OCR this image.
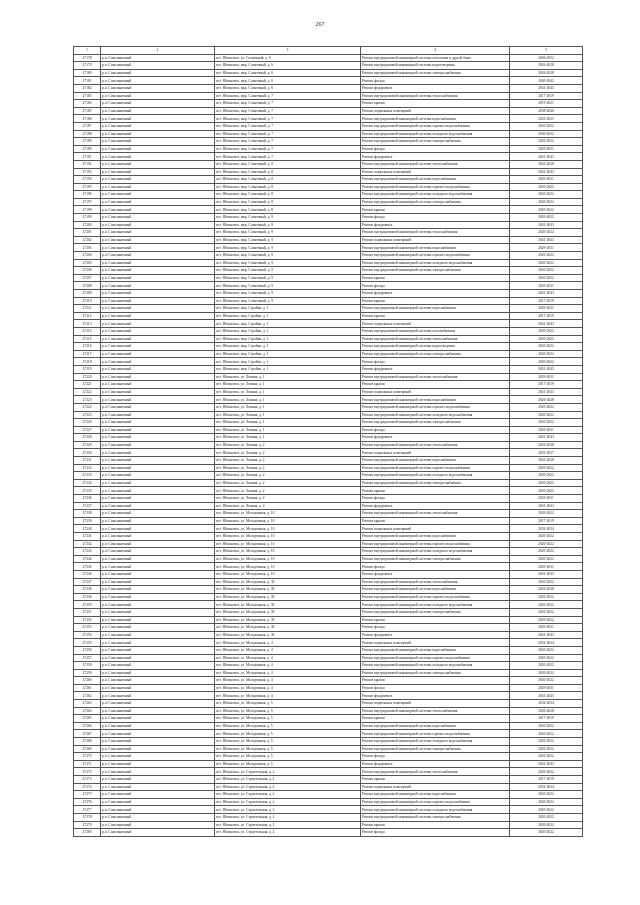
267
1	2	3	4	5
27178	р.п. Сокольничный	пгт. Яблоновск, ул. Солнечный, д. 6	Ремонт внутридомовой инженерной системы отопления и другой бани	2046-2052
27179	р.п. Сокольничный	пгт. Яблоновск, мкр. Солнечный, д. 6	Ремонт внутридомовой инженерной системы водоотведения	2026-2028
27180	р.п. Сокольничный	пгт. Яблоновск, мкр. Солнечный, д. 6	Ремонт внутридомовой инженерной системы электроснабжения	2026-2028
27181	р.п. Сокольничный	пгт. Яблоновск, мкр. Солнечный, д. 6	Ремонт фасада	2040-2042
27182	р.п. Сокольничный	пгт. Яблоновск, мкр. Солнечный, д. 6	Ремонт фундамента	2041-2043
27183	р.п. Сокольничный	пгт. Яблоновск, мкр. Солнечный, д. 7	Ремонт внутридомовой инженерной системы теплоснабжения	2017-2019
27184	р.п. Сокольничный	пгт. Яблоновск, мкр. Солнечный, д. 7	Ремонт крыши	2019-2021
27185	р.п. Сокольничный	пгт. Яблоновск, мкр. Солнечный, д. 7	Ремонт подвальных помещений	2038-2040
27186	р.п. Сокольничный	пгт. Яблоновск, мкр. Солнечный, д. 7	Ремонт внутридомовой инженерной системы водоснабжения	2023-2025
27187	р.п. Сокольничный	пгт. Яблоновск, мкр. Солнечный, д. 7	Ремонт внутридомовой инженерной системы горячего водоснабжения	2020-2022
27188	р.п. Сокольничный	пгт. Яблоновск, мкр. Солнечный, д. 7	Ремонт внутридомовой инженерной системы холодного водоснабжения	2030-2032
27189	р.п. Сокольничный	пгт. Яблоновск, мкр. Солнечный, д. 7	Ремонт внутридомовой инженерной системы электроснабжения	2020-2022
27190	р.п. Сокольничный	пгт. Яблоновск, мкр. Солнечный, д. 7	Ремонт фасада	2029-2031
27191	р.п. Сокольничный	пгт. Яблоновск, мкр. Солнечный, д. 7	Ремонт фундамента	2041-2043
27192	р.п. Сокольничный	пгт. Яблоновск, мкр. Солнечный, д. 8	Ремонт внутридомовой инженерной системы теплоснабжения	2026-2028
27193	р.п. Сокольничный	пгт. Яблоновск, мкр. Солнечный, д. 8	Ремонт подвальных помещений	2041-2043
27194	р.п. Сокольничный	пгт. Яблоновск, мкр. Солнечный, д. 8	Ремонт внутридомовой инженерной системы водоснабжения	2029-2031
27195	р.п. Сокольничный	пгт. Яблоновск, мкр. Солнечный, д. 8	Ремонт внутридомовой инженерной системы горячего водоснабжения	2020-2022
27196	р.п. Сокольничный	пгт. Яблоновск, мкр. Солнечный, д. 8	Ремонт внутридомовой инженерной системы холодного водоснабжения	2020-2022
27197	р.п. Сокольничный	пгт. Яблоновск, мкр. Солнечный, д. 8	Ремонт внутридомовой инженерной системы электроснабжения	2020-2022
27198	р.п. Сокольничный	пгт. Яблоновск, мкр. Солнечный, д. 8	Ремонт крыши	2020-2022
27199	р.п. Сокольничный	пгт. Яблоновск, мкр. Солнечный, д. 8	Ремонт фасада	2020-2022
27200	р.п. Сокольничный	пгт. Яблоновск, мкр. Солнечный, д. 8	Ремонт фундамента	2041-2043
27201	р.п. Сокольничный	пгт. Яблоновск, мкр. Солнечный, д. 9	Ремонт внутридомовой инженерной системы теплоснабжения	2020-2022
27202	р.п. Сокольничный	пгт. Яблоновск, мкр. Солнечный, д. 9	Ремонт подвальных помещений	2041-2043
27203	р.п. Сокольничный	пгт. Яблоновск, мкр. Солнечный, д. 9	Ремонт внутридомовой инженерной системы водоснабжения	2029-2031
27204	р.п. Сокольничный	пгт. Яблоновск, мкр. Солнечный, д. 9	Ремонт внутридомовой инженерной системы горячего водоснабжения	2020-2022
27205	р.п. Сокольничный	пгт. Яблоновск, мкр. Солнечный, д. 9	Ремонт внутридомовой инженерной системы холодного водоснабжения	2020-2022
27206	р.п. Сокольничный	пгт. Яблоновск, мкр. Солнечный, д. 9	Ремонт внутридомовой инженерной системы электроснабжения	2020-2022
27207	р.п. Сокольничный	пгт. Яблоновск, мкр. Солнечный, д. 9	Ремонт крыши	2020-2022
27208	р.п. Сокольничный	пгт. Яблоновск, мкр. Солнечный, д. 9	Ремонт фасада	2029-2031
27209	р.п. Сокольничный	пгт. Яблоновск, мкр. Солнечный, д. 9	Ремонт фундамента	2041-2043
27210	р.п. Сокольничный	пгт. Яблоновск, мкр. Солнечный, д. 9	Ремонт крыши	2017-2019
27211	р.п. Сокольничный	пгт. Яблоновск, мкр. Стройка, д. 1	Ремонт внутридомовой инженерной системы водоснабжения	2029-2031
27212	р.п. Сокольничный	пгт. Яблоновск, мкр. Стройка, д. 1	Ремонт крыши	2017-2019
27213	р.п. Сокольничный	пгт. Яблоновск, мкр. Стройка, д. 1	Ремонт подвальных помещений	2041-2043
27214	р.п. Сокольничный	пгт. Яблоновск, мкр. Стройка, д. 1	Ремонт внутридомовой инженерной системы газоснабжения	2020-2022
27215	р.п. Сокольничный	пгт. Яблоновск, мкр. Стройка, д. 1	Ремонт внутридомовой инженерной системы теплоснабжения	2020-2022
27216	р.п. Сокольничный	пгт. Яблоновск, мкр. Стройка, д. 1	Ремонт внутридомовой инженерной системы водоотведения	2020-2022
27217	р.п. Сокольничный	пгт. Яблоновск, мкр. Стройка, д. 1	Ремонт внутридомовой инженерной системы электроснабжения	2020-2022
27218	р.п. Сокольничный	пгт. Яблоновск, мкр. Стройка, д. 1	Ремонт фасада	2020-2022
27219	р.п. Сокольничный	пгт. Яблоновск, мкр. Стройка, д. 1	Ремонт фундамента	2041-2043
27220	р.п. Сокольничный	пгт. Яблоновск, ул. Ленина, д. 1	Ремонт внутридомовой инженерной системы теплоснабжения	2029-2031
27221	р.п. Сокольничный	пгт. Яблоновск, ул. Ленина, д. 1	Ремонт крыши	2017-2019
27222	р.п. Сокольничный	пгт. Яблоновск, ул. Ленина, д. 1	Ремонт подвальных помещений	2041-2043
27223	р.п. Сокольничный	пгт. Яблоновск, ул. Ленина, д. 1	Ремонт внутридомовой инженерной системы водоснабжения	2026-2028
27224	р.п. Сокольничный	пгт. Яблоновск, ул. Ленина, д. 1	Ремонт внутридомовой инженерной системы горячего водоснабжения	2020-2022
27225	р.п. Сокольничный	пгт. Яблоновск, ул. Ленина, д. 1	Ремонт внутридомовой инженерной системы холодного водоснабжения	2020-2022
27226	р.п. Сокольничный	пгт. Яблоновск, ул. Ленина, д. 1	Ремонт внутридомовой инженерной системы электроснабжения	2020-2022
27227	р.п. Сокольничный	пгт. Яблоновск, ул. Ленина, д. 1	Ремонт фасада	2029-2031
27228	р.п. Сокольничный	пгт. Яблоновск, ул. Ленина, д. 1	Ремонт фундамента	2041-2043
27229	р.п. Сокольничный	пгт. Яблоновск, ул. Ленина, д. 2	Ремонт внутридомовой инженерной системы теплоснабжения	2026-2028
27230	р.п. Сокольничный	пгт. Яблоновск, ул. Ленина, д. 2	Ремонт подвальных помещений	2035-2037
27231	р.п. Сокольничный	пгт. Яблоновск, ул. Ленина, д. 2	Ремонт внутридомовой инженерной системы водоснабжения	2026-2028
27232	р.п. Сокольничный	пгт. Яблоновск, ул. Ленина, д. 2	Ремонт внутридомовой инженерной системы горячего водоснабжения	2020-2022
27233	р.п. Сокольничный	пгт. Яблоновск, ул. Ленина, д. 2	Ремонт внутридомовой инженерной системы холодного водоснабжения	2020-2022
27234	р.п. Сокольничный	пгт. Яблоновск, ул. Ленина, д. 2	Ремонт внутридомовой инженерной системы электроснабжения	2020-2022
27235	р.п. Сокольничный	пгт. Яблоновск, ул. Ленина, д. 2	Ремонт крыши	2020-2022
27236	р.п. Сокольничный	пгт. Яблоновск, ул. Ленина, д. 2	Ремонт фасада	2029-2031
27237	р.п. Сокольничный	пгт. Яблоновск, ул. Ленина, д. 2	Ремонт фундамента	2041-2043
27238	р.п. Сокольничный	пгт. Яблоновск, ул. Молодежная, д. 10	Ремонт внутридомовой инженерной системы теплоснабжения	2020-2022
27239	р.п. Сокольничный	пгт. Яблоновск, ул. Молодежная, д. 10	Ремонт крыши	2017-2019
27240	р.п. Сокольничный	пгт. Яблоновск, ул. Молодежная, д. 10	Ремонт подвальных помещений	2032-2034
27241	р.п. Сокольничный	пгт. Яблоновск, ул. Молодежная, д. 10	Ремонт внутридомовой инженерной системы водоснабжения	2020-2022
27242	р.п. Сокольничный	пгт. Яблоновск, ул. Молодежная, д. 10	Ремонт внутридомовой инженерной системы горячего водоснабжения	2020-2022
27243	р.п. Сокольничный	пгт. Яблоновск, ул. Молодежная, д. 10	Ремонт внутридомовой инженерной системы холодного водоснабжения	2020-2022
27244	р.п. Сокольничный	пгт. Яблоновск, ул. Молодежная, д. 10	Ремонт внутридомовой инженерной системы электроснабжения	2020-2022
27245	р.п. Сокольничный	пгт. Яблоновск, ул. Молодежная, д. 10	Ремонт фасада	2029-2031
27246	р.п. Сокольничный	пгт. Яблоновск, ул. Молодежная, д. 10	Ремонт фундамента	2041-2043
27247	р.п. Сокольничный	пгт. Яблоновск, ул. Молодежная, д. 30	Ремонт внутридомовой инженерной системы теплоснабжения	2020-2022
27248	р.п. Сокольничный	пгт. Яблоновск, ул. Молодежная, д. 30	Ремонт внутридомовой инженерной системы водоснабжения	2026-2028
27249	р.п. Сокольничный	пгт. Яблоновск, ул. Молодежная, д. 30	Ремонт внутридомовой инженерной системы горячего водоснабжения	2020-2022
27250	р.п. Сокольничный	пгт. Яблоновск, ул. Молодежная, д. 30	Ремонт внутридомовой инженерной системы холодного водоснабжения	2020-2022
27251	р.п. Сокольничный	пгт. Яблоновск, ул. Молодежная, д. 30	Ремонт внутридомовой инженерной системы электроснабжения	2020-2022
27252	р.п. Сокольничный	пгт. Яблоновск, ул. Молодежная, д. 30	Ремонт крыши	2020-2022
27253	р.п. Сокольничный	пгт. Яблоновск, ул. Молодежная, д. 30	Ремонт фасада	2029-2031
27254	р.п. Сокольничный	пгт. Яблоновск, ул. Молодежная, д. 30	Ремонт фундамента	2041-2043
27255	р.п. Сокольничный	пгт. Яблоновск, ул. Молодежная, д. 4	Ремонт подвальных помещений	2032-2034
27256	р.п. Сокольничный	пгт. Яблоновск, ул. Молодежная, д. 4	Ремонт внутридомовой инженерной системы водоснабжения	2020-2022
27257	р.п. Сокольничный	пгт. Яблоновск, ул. Молодежная, д. 4	Ремонт внутридомовой инженерной системы горячего водоснабжения	2020-2022
27258	р.п. Сокольничный	пгт. Яблоновск, ул. Молодежная, д. 4	Ремонт внутридомовой инженерной системы холодного водоснабжения	2020-2022
27259	р.п. Сокольничный	пгт. Яблоновск, ул. Молодежная, д. 4	Ремонт внутридомовой инженерной системы электроснабжения	2020-2022
27260	р.п. Сокольничный	пгт. Яблоновск, ул. Молодежная, д. 4	Ремонт крыши	2020-2022
27261	р.п. Сокольничный	пгт. Яблоновск, ул. Молодежная, д. 4	Ремонт фасада	2029-2031
27262	р.п. Сокольничный	пгт. Яблоновск, ул. Молодежная, д. 4	Ремонт фундамента	2041-2043
27263	р.п. Сокольничный	пгт. Яблоновск, ул. Молодежная, д. 5	Ремонт подвальных помещений	2032-2034
27264	р.п. Сокольничный	пгт. Яблоновск, ул. Молодежная, д. 5	Ремонт внутридомовой инженерной системы теплоснабжения	2026-2028
27265	р.п. Сокольничный	пгт. Яблоновск, ул. Молодежная, д. 5	Ремонт крыши	2017-2019
27266	р.п. Сокольничный	пгт. Яблоновск, ул. Молодежная, д. 5	Ремонт внутридомовой инженерной системы водоснабжения	2020-2022
27267	р.п. Сокольничный	пгт. Яблоновск, ул. Молодежная, д. 5	Ремонт внутридомовой инженерной системы горячего водоснабжения	2020-2022
27268	р.п. Сокольничный	пгт. Яблоновск, ул. Молодежная, д. 5	Ремонт внутридомовой инженерной системы холодного водоснабжения	2020-2022
27269	р.п. Сокольничный	пгт. Яблоновск, ул. Молодежная, д. 5	Ремонт внутридомовой инженерной системы электроснабжения	2020-2022
27270	р.п. Сокольничный	пгт. Яблоновск, ул. Молодежная, д. 5	Ремонт фасада	2020-2022
27271	р.п. Сокольничный	пгт. Яблоновск, ул. Молодежная, д. 5	Ремонт фундамента	2041-2043
27272	р.п. Сокольничный	пгт. Яблоновск, ул. Строительная, д. 2	Ремонт внутридомовой инженерной системы теплоснабжения	2020-2022
27273	р.п. Сокольничный	пгт. Яблоновск, ул. Строительная, д. 2	Ремонт крыши	2017-2019
27274	р.п. Сокольничный	пгт. Яблоновск, ул. Строительная, д. 2	Ремонт подвальных помещений	2032-2034
27275	р.п. Сокольничный	пгт. Яблоновск, ул. Строительная, д. 2	Ремонт внутридомовой инженерной системы водоснабжения	2020-2022
27276	р.п. Сокольничный	пгт. Яблоновск, ул. Строительная, д. 2	Ремонт внутридомовой инженерной системы горячего водоснабжения	2020-2022
27277	р.п. Сокольничный	пгт. Яблоновск, ул. Строительная, д. 2	Ремонт внутридомовой инженерной системы холодного водоснабжения	2020-2022
27278	р.п. Сокольничный	пгт. Яблоновск, ул. Строительная, д. 2	Ремонт внутридомовой инженерной системы электроснабжения	2020-2022
27279	р.п. Сокольничный	пгт. Яблоновск, ул. Строительная, д. 2	Ремонт крыши	2020-2022
27280	р.п. Сокольничный	пгт. Яблоновск, ул. Строительная, д. 2	Ремонт фасада	2020-2022
